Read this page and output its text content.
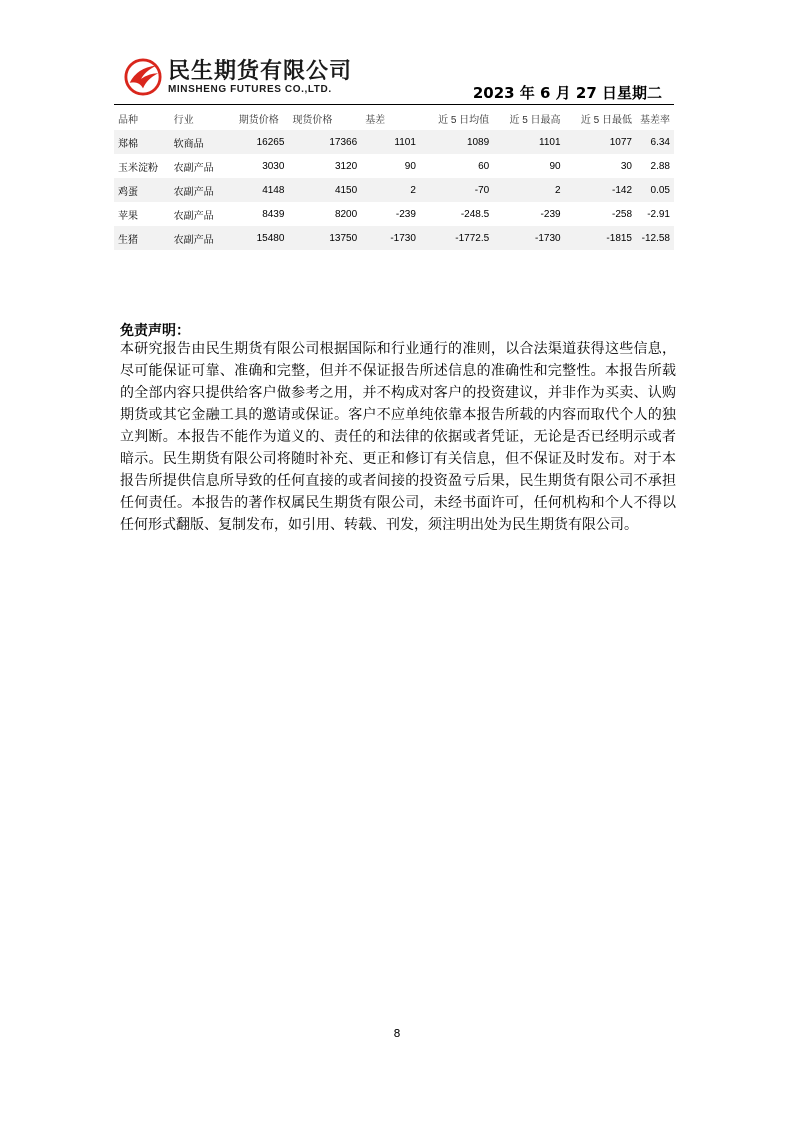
民生期货有限公司
MINSHENG FUTURES CO.,LTD.	2023 年 6 月 27 日星期二
品种	行业	期货价格	现货价格	基差	近 5 日均值	近 5 日最高	近 5 日最低	基差率
郑棉	软商品	16265	17366	1101	1089	1101	1077	6.34
玉米淀粉	农副产品	3030	3120	90	60	90	30	2.88
鸡蛋	农副产品	4148	4150	2	-70	2	-142	0.05
苹果	农副产品	8439	8200	-239	-248.5	-239	-258	-2.91
生猪	农副产品	15480	13750	-1730	-1772.5	-1730	-1815	-12.58
免责声明：
本研究报告由民生期货有限公司根据国际和行业通行的准则，以合法渠道获得这些信息，尽可能保证可靠、准确和完整，但并不保证报告所述信息的准确性和完整性。本报告所载的全部内容只提供给客户做参考之用，并不构成对客户的投资建议，并非作为买卖、认购期货或其它金融工具的邀请或保证。客户不应单纯依靠本报告所载的内容而取代个人的独立判断。本报告不能作为道义的、责任的和法律的依据或者凭证，无论是否已经明示或者暗示。民生期货有限公司将随时补充、更正和修订有关信息，但不保证及时发布。对于本报告所提供信息所导致的任何直接的或者间接的投资盈亏后果，民生期货有限公司不承担任何责任。本报告的著作权属民生期货有限公司，未经书面许可，任何机构和个人不得以任何形式翻版、复制发布，如引用、转载、刊发，须注明出处为民生期货有限公司。
8
